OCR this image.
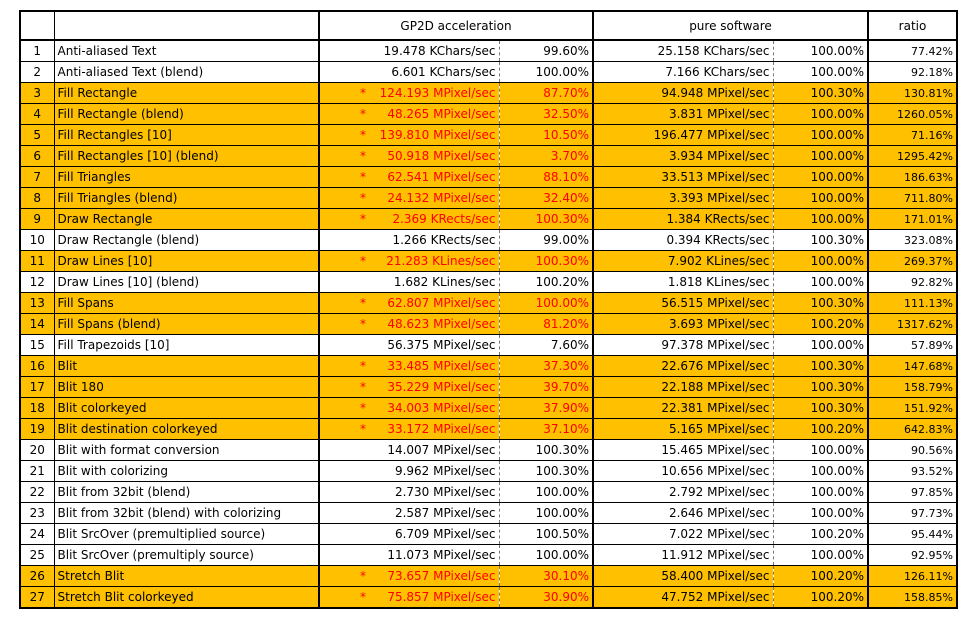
		GP2D acceleration		pure software		ratio
1	Anti-aliased Text	19.478 KChars/sec	99.60%	25.158 KChars/sec	100.00%	77.42%
2	Anti-aliased Text (blend)	6.601 KChars/sec	100.00%	7.166 KChars/sec	100.00%	92.18%
3	Fill Rectangle	* 124.193 MPixel/sec	87.70%	94.948 MPixel/sec	100.30%	130.81%
4	Fill Rectangle (blend)	* 48.265 MPixel/sec	32.50%	3.831 MPixel/sec	100.00%	1260.05%
5	Fill Rectangles [10]	* 139.810 MPixel/sec	10.50%	196.477 MPixel/sec	100.00%	71.16%
6	Fill Rectangles [10] (blend)	* 50.918 MPixel/sec	3.70%	3.934 MPixel/sec	100.00%	1295.42%
7	Fill Triangles	* 62.541 MPixel/sec	88.10%	33.513 MPixel/sec	100.00%	186.63%
8	Fill Triangles (blend)	* 24.132 MPixel/sec	32.40%	3.393 MPixel/sec	100.00%	711.80%
9	Draw Rectangle	* 2.369 KRects/sec	100.30%	1.384 KRects/sec	100.00%	171.01%
10	Draw Rectangle (blend)	1.266 KRects/sec	99.00%	0.394 KRects/sec	100.30%	323.08%
11	Draw Lines [10]	* 21.283 KLines/sec	100.30%	7.902 KLines/sec	100.00%	269.37%
12	Draw Lines [10] (blend)	1.682 KLines/sec	100.20%	1.818 KLines/sec	100.00%	92.82%
13	Fill Spans	* 62.807 MPixel/sec	100.00%	56.515 MPixel/sec	100.30%	111.13%
14	Fill Spans (blend)	* 48.623 MPixel/sec	81.20%	3.693 MPixel/sec	100.20%	1317.62%
15	Fill Trapezoids [10]	56.375 MPixel/sec	7.60%	97.378 MPixel/sec	100.00%	57.89%
16	Blit	* 33.485 MPixel/sec	37.30%	22.676 MPixel/sec	100.30%	147.68%
17	Blit 180	* 35.229 MPixel/sec	39.70%	22.188 MPixel/sec	100.30%	158.79%
18	Blit colorkeyed	* 34.003 MPixel/sec	37.90%	22.381 MPixel/sec	100.30%	151.92%
19	Blit destination colorkeyed	* 33.172 MPixel/sec	37.10%	5.165 MPixel/sec	100.20%	642.83%
20	Blit with format conversion	14.007 MPixel/sec	100.30%	15.465 MPixel/sec	100.00%	90.56%
21	Blit with colorizing	9.962 MPixel/sec	100.30%	10.656 MPixel/sec	100.00%	93.52%
22	Blit from 32bit (blend)	2.730 MPixel/sec	100.00%	2.792 MPixel/sec	100.00%	97.85%
23	Blit from 32bit (blend) with colorizing	2.587 MPixel/sec	100.00%	2.646 MPixel/sec	100.00%	97.73%
24	Blit SrcOver (premultiplied source)	6.709 MPixel/sec	100.50%	7.022 MPixel/sec	100.20%	95.44%
25	Blit SrcOver (premultiply source)	11.073 MPixel/sec	100.00%	11.912 MPixel/sec	100.00%	92.95%
26	Stretch Blit	* 73.657 MPixel/sec	30.10%	58.400 MPixel/sec	100.20%	126.11%
27	Stretch Blit colorkeyed	* 75.857 MPixel/sec	30.90%	47.752 MPixel/sec	100.20%	158.85%
